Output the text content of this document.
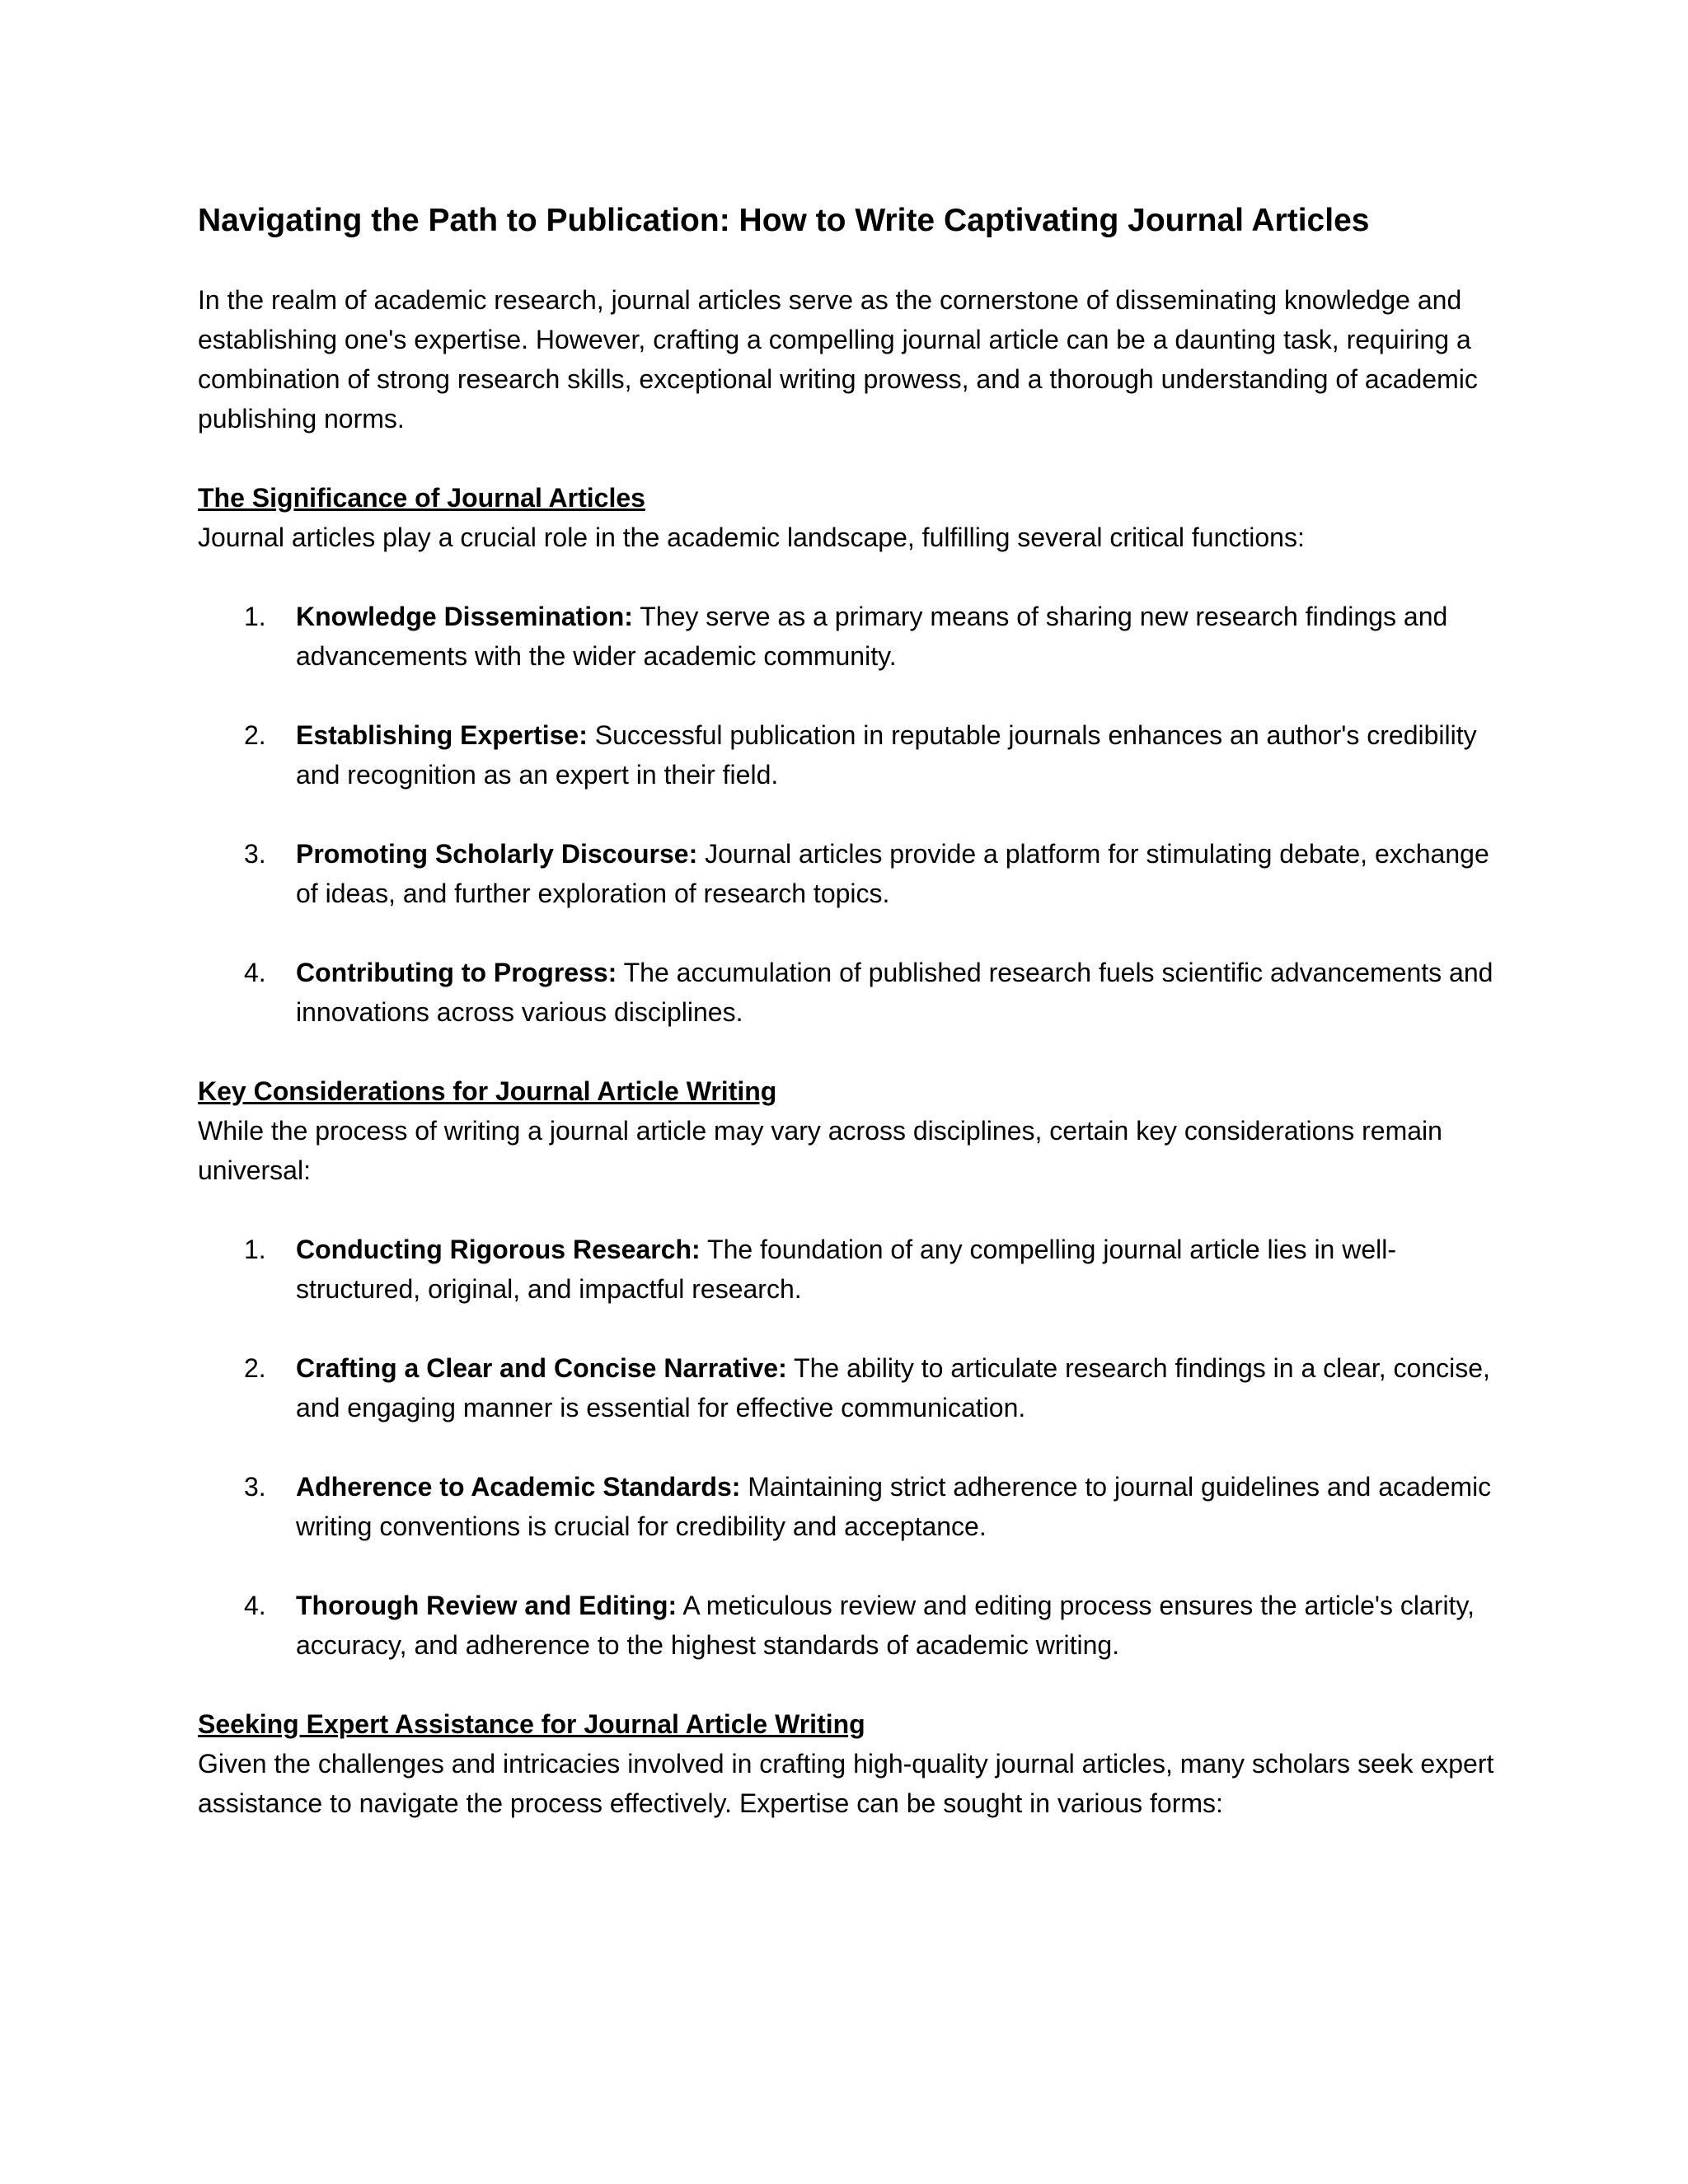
Navigating the Path to Publication: How to Write Captivating Journal Articles

In the realm of academic research, journal articles serve as the cornerstone of disseminating knowledge and establishing one's expertise. However, crafting a compelling journal article can be a daunting task, requiring a combination of strong research skills, exceptional writing prowess, and a thorough understanding of academic publishing norms.

The Significance of Journal Articles

Journal articles play a crucial role in the academic landscape, fulfilling several critical functions:

1. Knowledge Dissemination: They serve as a primary means of sharing new research findings and advancements with the wider academic community.
2. Establishing Expertise: Successful publication in reputable journals enhances an author's credibility and recognition as an expert in their field.
3. Promoting Scholarly Discourse: Journal articles provide a platform for stimulating debate, exchange of ideas, and further exploration of research topics.
4. Contributing to Progress: The accumulation of published research fuels scientific advancements and innovations across various disciplines.

Key Considerations for Journal Article Writing

While the process of writing a journal article may vary across disciplines, certain key considerations remain universal:

1. Conducting Rigorous Research: The foundation of any compelling journal article lies in well-structured, original, and impactful research.
2. Crafting a Clear and Concise Narrative: The ability to articulate research findings in a clear, concise, and engaging manner is essential for effective communication.
3. Adherence to Academic Standards: Maintaining strict adherence to journal guidelines and academic writing conventions is crucial for credibility and acceptance.
4. Thorough Review and Editing: A meticulous review and editing process ensures the article's clarity, accuracy, and adherence to the highest standards of academic writing.

Seeking Expert Assistance for Journal Article Writing

Given the challenges and intricacies involved in crafting high-quality journal articles, many scholars seek expert assistance to navigate the process effectively. Expertise can be sought in various forms:
